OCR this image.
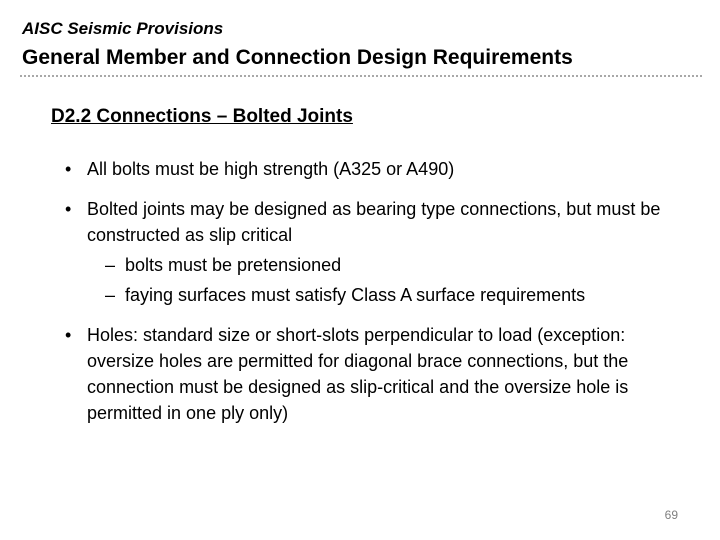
AISC Seismic Provisions
General Member and Connection Design Requirements
D2.2 Connections – Bolted Joints
• All bolts must be high strength (A325 or A490)
• Bolted joints may be designed as bearing type connections, but must be constructed as slip critical
– bolts must be pretensioned
– faying surfaces must satisfy Class A surface requirements
• Holes: standard size or short-slots perpendicular to load (exception: oversize holes are permitted for diagonal brace connections, but the connection must be designed as slip-critical and the oversize hole is permitted in one ply only)
69
